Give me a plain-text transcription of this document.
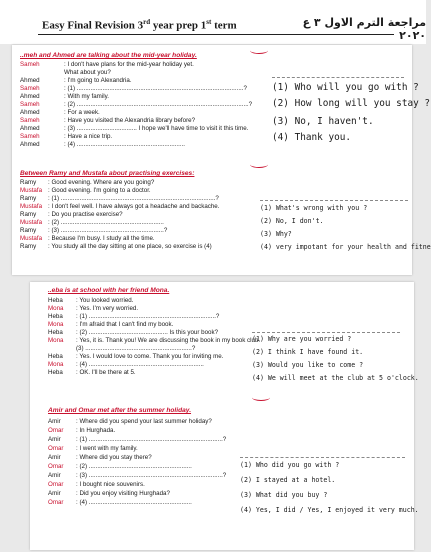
Easy Final Revision 3rd year prep 1st term	مراجعة الترم الاول ٣ ع ٢٠٢٠
..meh and Ahmed are talking about the mid-year holiday.
Sameh	: I don't have plans for the mid-year holiday yet.
What about you?
Ahmed	: I'm going to Alexandria.
Sameh	: (1) .................................................................................................?
Ahmed	: With my family.
Sameh	: (2) ....................................................................................................?
Ahmed	: For a week.
Sameh	: Have you visited the Alexandria library before?
Ahmed	: (3) ................................... I hope we'll have time to visit it this time.
Sameh	: Have a nice trip.
Ahmed	: (4) ...............................................................
(1) Who will you go with ?
(2) How long will you stay ?
(3) No, I haven't.
(4) Thank you.
Between Ramy and Mustafa about practising exercises:
Ramy : Good evening. Where are you going?
Mustafa : Good evening. I'm going to a doctor.
Ramy : (1) ..........................................................................................?
Mustafa : I don't feel well. I have always got a headache and backache.
Ramy : Do you practise exercise?
Mustafa : (2) ............................................................
Ramy : (3) ............................................................?
Mustafa : Because I'm busy. I study all the time.
Ramy : You study all the day sitting at one place, so exercise is (4)
(1) What's wrong with you ?
(2) No, I don't.
(3) Why?
(4) very impotant for your health and fitne
..eba is at school with her friend Mona.
Heba : You looked worried.
Mona : Yes. I'm very worried.
Heba : (1) ..........................................................................?
Mona : I'm afraid that I can't find my book.
Heba : (2) .............................................. Is this your book?
Mona : Yes, it is. Thank you! We are discussing the book in my book club.
(3) ..............................................................?
Heba : Yes. I would love to come. Thank you for inviting me.
Mona : (4) ...................................................................
Heba : OK. I'll be there at 5.
(1) Why are you worried ?
(2) I think I have found it.
(3) Would you like to come ?
(4) We will meet at the club at 5 o'clock.
Amir and Omar met after the summer holiday.
Amir : Where did you spend your last summer holiday?
Omar : In Hurghada.
Amir : (1) ..............................................................................?
Omar : I went with my family.
Amir : Where did you stay there?
Omar : (2) ............................................................
Amir : (3) ..............................................................................?
Omar : I bought nice souvenirs.
Amir : Did you enjoy visiting Hurghada?
Omar : (4) ............................................................
(1) Who did you go with ?
(2) I stayed at a hotel.
(3) What did you buy ?
(4) Yes, I did / Yes, I enjoyed it very much.
